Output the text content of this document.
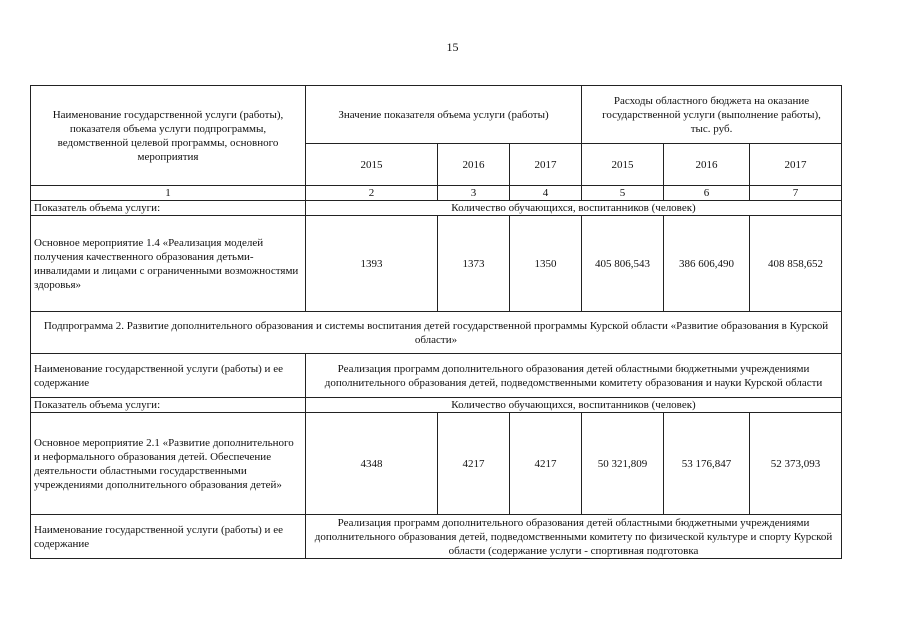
15
Наименование государственной услуги (работы), показателя объема услуги подпрограммы, ведомственной целевой программы, основного мероприятия	Значение показателя объема услуги (работы)			Расходы областного бюджета на оказание государственной услуги (выполнение работы),
тыс. руб.		
	2015	2016	2017	2015	2016	2017
1	2	3	4	5	6	7
Показатель объема услуги:	Количество обучающихся, воспитанников (человек)					
Основное мероприятие 1.4 «Реализация моделей получения качественного образования детьми-инвалидами и лицами с ограниченными возможностями здоровья»	1393	1373	1350	405 806,543	386 606,490	408 858,652
Подпрограмма 2. Развитие дополнительного образования и системы воспитания детей государственной программы Курской области «Развитие образования в Курской области»						
Наименование государственной услуги (работы) и ее содержание	Реализация программ дополнительного образования детей областными бюджетными учреждениями дополнительного образования детей, подведомственными комитету образования и науки Курской области					
Показатель объема услуги:	Количество обучающихся, воспитанников (человек)					
Основное мероприятие 2.1 «Развитие дополнительного и неформального образования детей. Обеспечение деятельности областными государственными учреждениями дополнительного образования детей»	4348	4217	4217	50 321,809	53 176,847	52 373,093
Наименование государственной услуги (работы) и ее содержание	Реализация программ дополнительного образования детей областными бюджетными учреждениями дополнительного образования детей, подведомственными комитету по физической культуре и спорту Курской области (содержание услуги - спортивная подготовка					
